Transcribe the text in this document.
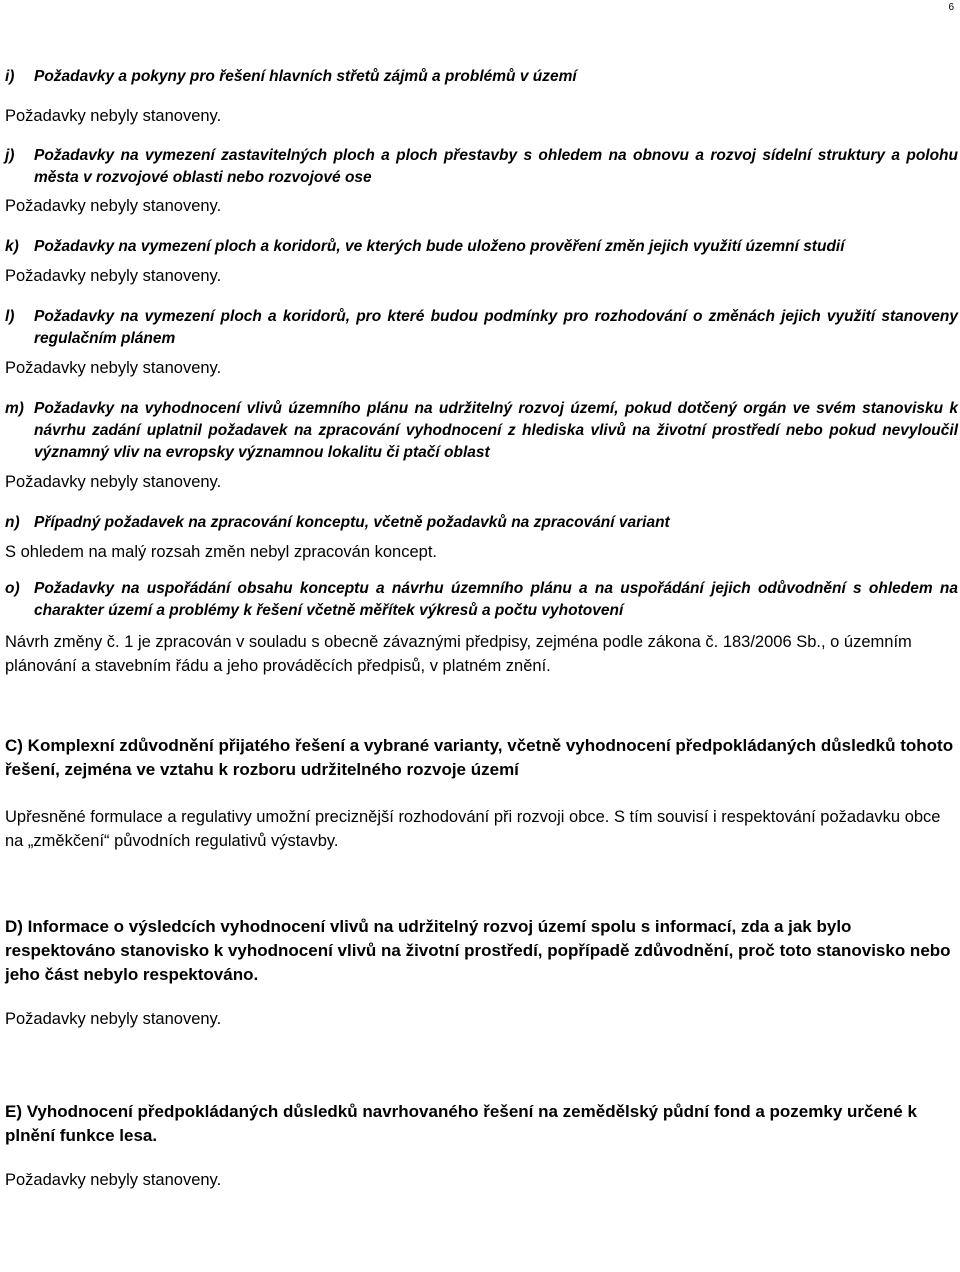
6
i)	Požadavky a pokyny pro řešení hlavních střetů zájmů a problémů v území

Požadavky nebyly stanoveny.

j)	Požadavky na vymezení zastavitelných ploch a ploch přestavby s ohledem na obnovu a rozvoj sídelní struktury a polohu města v rozvojové oblasti nebo rozvojové ose

Požadavky nebyly stanoveny.

k) Požadavky na vymezení ploch a koridorů, ve kterých bude uloženo prověření změn jejich využití územní studií

Požadavky nebyly stanoveny.

l)	Požadavky na vymezení ploch a koridorů, pro které budou podmínky pro rozhodování o změnách jejich využití stanoveny regulačním plánem

Požadavky nebyly stanoveny.

m) Požadavky na vyhodnocení vlivů územního plánu na udržitelný rozvoj území, pokud dotčený orgán ve svém stanovisku k návrhu zadání uplatnil požadavek na zpracování vyhodnocení z hlediska vlivů na životní prostředí nebo pokud nevyloučil významný vliv na evropsky významnou lokalitu či ptačí oblast

Požadavky nebyly stanoveny.

n) Případný požadavek na zpracování konceptu, včetně požadavků na zpracování variant

S ohledem na malý rozsah změn nebyl zpracován koncept.

o) Požadavky na uspořádání obsahu konceptu a návrhu územního plánu a na uspořádání jejich odůvodnění s ohledem na charakter území a problémy k řešení včetně měřítek výkresů a počtu vyhotovení

Návrh změny č. 1 je zpracován v souladu s obecně závaznými předpisy, zejména podle zákona č. 183/2006 Sb., o územním plánování a stavebním řádu a jeho prováděcích předpisů, v platném znění.

C) Komplexní zdůvodnění přijatého řešení a vybrané varianty, včetně vyhodnocení předpokládaných důsledků tohoto řešení, zejména ve vztahu k rozboru udržitelného rozvoje území

Upřesněné formulace a regulativy umožní preciznější rozhodování při rozvoji obce. S tím souvisí i respektování požadavku obce na „změkčení“ původních regulativů výstavby.

D) Informace o výsledcích vyhodnocení vlivů na udržitelný rozvoj území spolu s informací, zda a jak bylo respektováno stanovisko k vyhodnocení vlivů na životní prostředí, popřípadě zdůvodnění, proč toto stanovisko nebo jeho část nebylo respektováno.

Požadavky nebyly stanoveny.

E) Vyhodnocení předpokládaných důsledků navrhovaného řešení na zemědělský půdní fond a pozemky určené k plnění funkce lesa.

Požadavky nebyly stanoveny.
